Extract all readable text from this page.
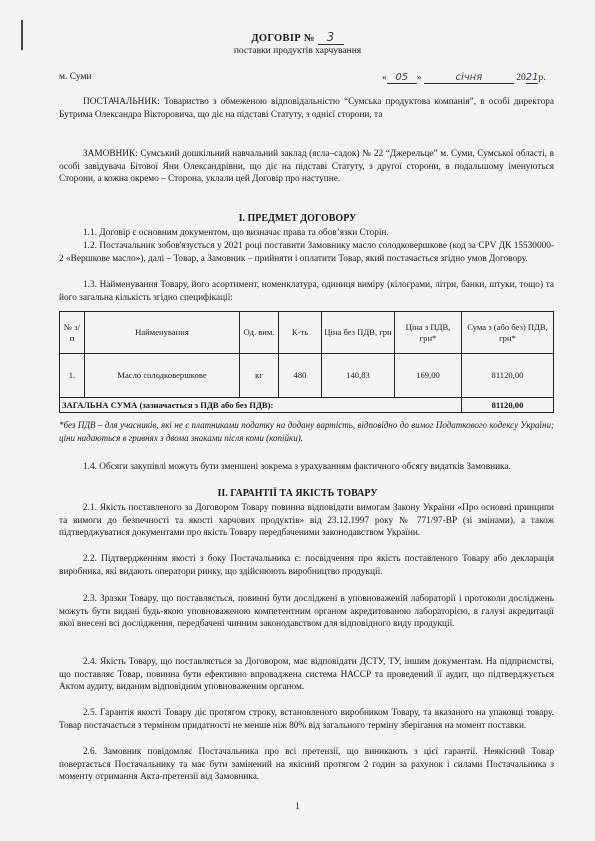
ДОГОВІР № 3
поставки продуктів харчування
м. Суми	« 05 »	січня	2021р.
ПОСТАЧАЛЬНИК: Товариство з обмеженою відповідальністю “Сумська продуктова компанія”, в особі директора Бутрима Олександра Вікторовича, що діє на підставі Статуту, з однієї сторони, та
ЗАМОВНИК: Сумський дошкільний навчальний заклад (ясла–садок) № 22 “Джерельце” м. Суми, Сумської області, в особі завідувача Бітової Яни Олександрівни, що діє на підставі Статуту, з другої сторони, в подальшому іменуються Сторони, а кожна окремо – Сторона, уклали цей Договір про наступне.
І. ПРЕДМЕТ ДОГОВОРУ
1.1. Договір є основним документом, що визначає права та обов’язки Сторін.
1.2. Постачальник зобов'язується у 2021 році поставити Замовнику масло солодковершкове (код за CPV ДК 15530000-2 «Вершкове масло»), далі – Товар, а Замовник – прийняти і оплатити Товар, який постачається згідно умов Договору.
1.3. Найменування Товару, його асортимент, номенклатура, одиниця виміру (кілограми, літри, банки, штуки, тощо) та його загальна кількість згідно специфікації:
№ з/п	Найменування	Од. вим.	К-ть	Ціна без ПДВ, грн	Ціна з ПДВ, грн*	Сума з (або без) ПДВ, грн*
1.	Масло солодковершкове	кг	480	140,83	169,00	81120,00
ЗАГАЛЬНА СУМА (зазначається з ПДВ або без ПДВ):						81120,00
*без ПДВ – для учасників, які не є платниками податку на додану вартість, відповідно до вимог Податкового кодексу України; ціни надаються в гривнях з двома знаками після коми (копійки).
1.4. Обсяги закупівлі можуть бути зменшені зокрема з урахуванням фактичного обсягу видатків Замовника.
ІІ. ГАРАНТІЇ ТА ЯКІСТЬ ТОВАРУ
2.1. Якість поставленого за Договором Товару повинна відповідати вимогам Закону України «Про основні принципи та вимоги до безпечності та якості харчових продуктів» від 23.12.1997 року № 771/97-ВР (зі змінами), а також підтверджуватися документами про якість Товару передбаченими законодавством України.
2.2. Підтвердженням якості з боку Постачальника є: посвідчення про якість поставленого Товару або декларація виробника, які видають оператори ринку, що здійснюють виробництво продукції.
2.3. Зразки Товару, що поставляється, повинні бути досліджені в уповноваженій лабораторії і протоколи досліджень можуть бути видані будь-якою уповноваженою компетентним органом акредитованою лабораторією, в галузі акредитації якої внесені всі дослідження, передбачені чинним законодавством для відповідного виду продукції.
2.4. Якість Товару, що поставляється за Договором, має відповідати ДСТУ, ТУ, іншим документам. На підприємстві, що поставляє Товар, повинна бути ефективно впроваджена система НАССР та проведений її аудит, що підтверджується Актом аудиту, виданим відповідним уповноваженим органом.
2.5. Гарантія якості Товару діє протягом строку, встановленого виробником Товару, та вказаного на упаковці товару. Товар постачається з терміном придатності не менше ніж 80% від загального терміну зберігання на момент поставки.
2.6. Замовник повідомляє Постачальника про всі претензії, що виникають з цієї гарантії. Неякісний Товар повертається Постачальнику та має бути замінений на якісний протягом 2 годин за рахунок і силами Постачальника з моменту отримання Акта-претензії від Замовника.
1
